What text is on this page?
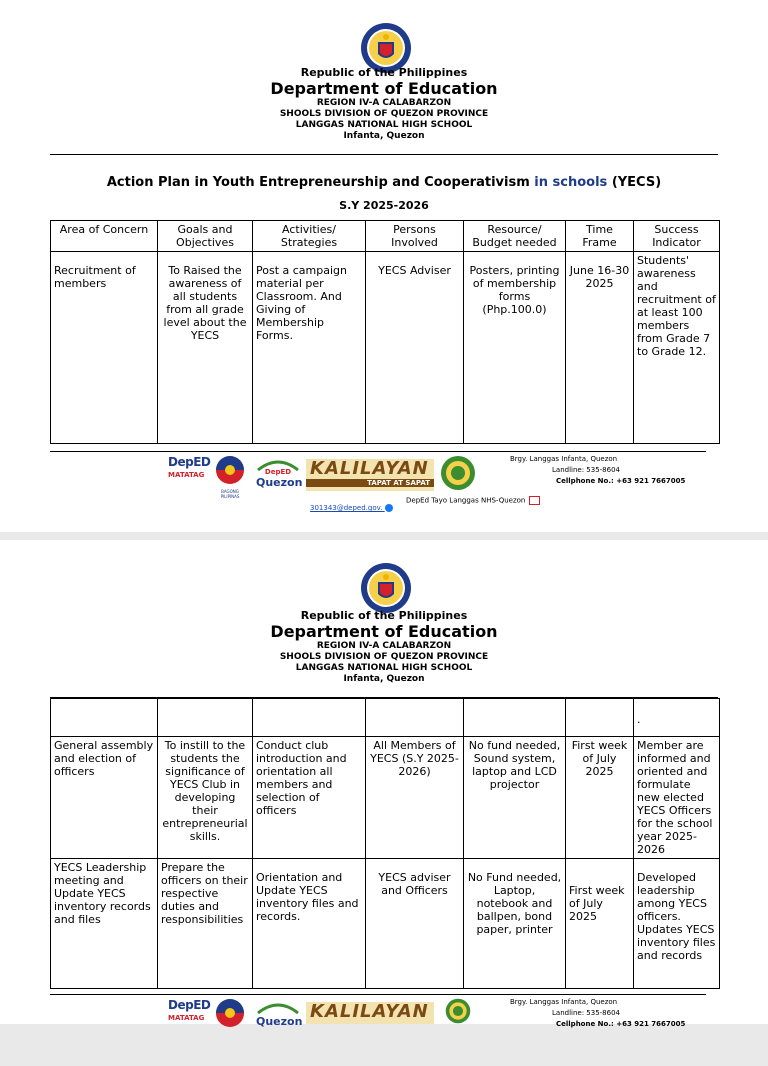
Republic of the Philippines
Department of Education
REGION IV-A CALABARZON
SHOOLS DIVISION OF QUEZON PROVINCE
LANGGAS NATIONAL HIGH SCHOOL
Infanta, Quezon
Action Plan in Youth Entrepreneurship and Cooperativism in schools (YECS)
S.Y 2025-2026
Area of Concern	Goals and Objectives	Activities/ Strategies	Persons Involved	Resource/ Budget needed	Time Frame	Success Indicator
Recruitment of members	To Raised the awareness of all students from all grade level about the YECS	Post a campaign material per Classroom. And Giving of Membership Forms.	YECS Adviser	Posters, printing of membership forms (Php.100.0)	June 16-30 2025	Students' awareness and recruitment of at least 100 members from Grade 7 to Grade 12.
DepED
MATATAG
BAGONG PILIPINAS
DepED
Quezon
KALILAYAN
TAPAT AT SAPAT
Brgy. Langgas Infanta, Quezon
Landline: 535-8604
Cellphone No.: +63 921 7667005
DepEd Tayo Langgas NHS-Quezon
301343@deped.gov.
Republic of the Philippines
Department of Education
REGION IV-A CALABARZON
SHOOLS DIVISION OF QUEZON PROVINCE
LANGGAS NATIONAL HIGH SCHOOL
Infanta, Quezon
						.
General assembly and election of officers	To instill to the students the significance of YECS Club in developing their entrepreneurial skills.	Conduct club introduction and orientation all members and selection of officers	All Members of YECS (S.Y 2025-2026)	No fund needed, Sound system, laptop and LCD projector	First week of July 2025	Member are informed and oriented and formulate new elected YECS Officers for the school year 2025-2026
YECS Leadership meeting and Update YECS inventory records and files	Prepare the officers on their respective duties and responsibilities	Orientation and Update YECS inventory files and records.	YECS adviser and Officers	No Fund needed, Laptop, notebook and ballpen, bond paper, printer	First week of July 2025	Developed leadership among YECS officers. Updates YECS inventory files and records
DepED
MATATAG	Quezon KALILAYAN	Brgy. Langgas Infanta, Quezon
Landline: 535-8604
Cellphone No.: +63 921 7667005
